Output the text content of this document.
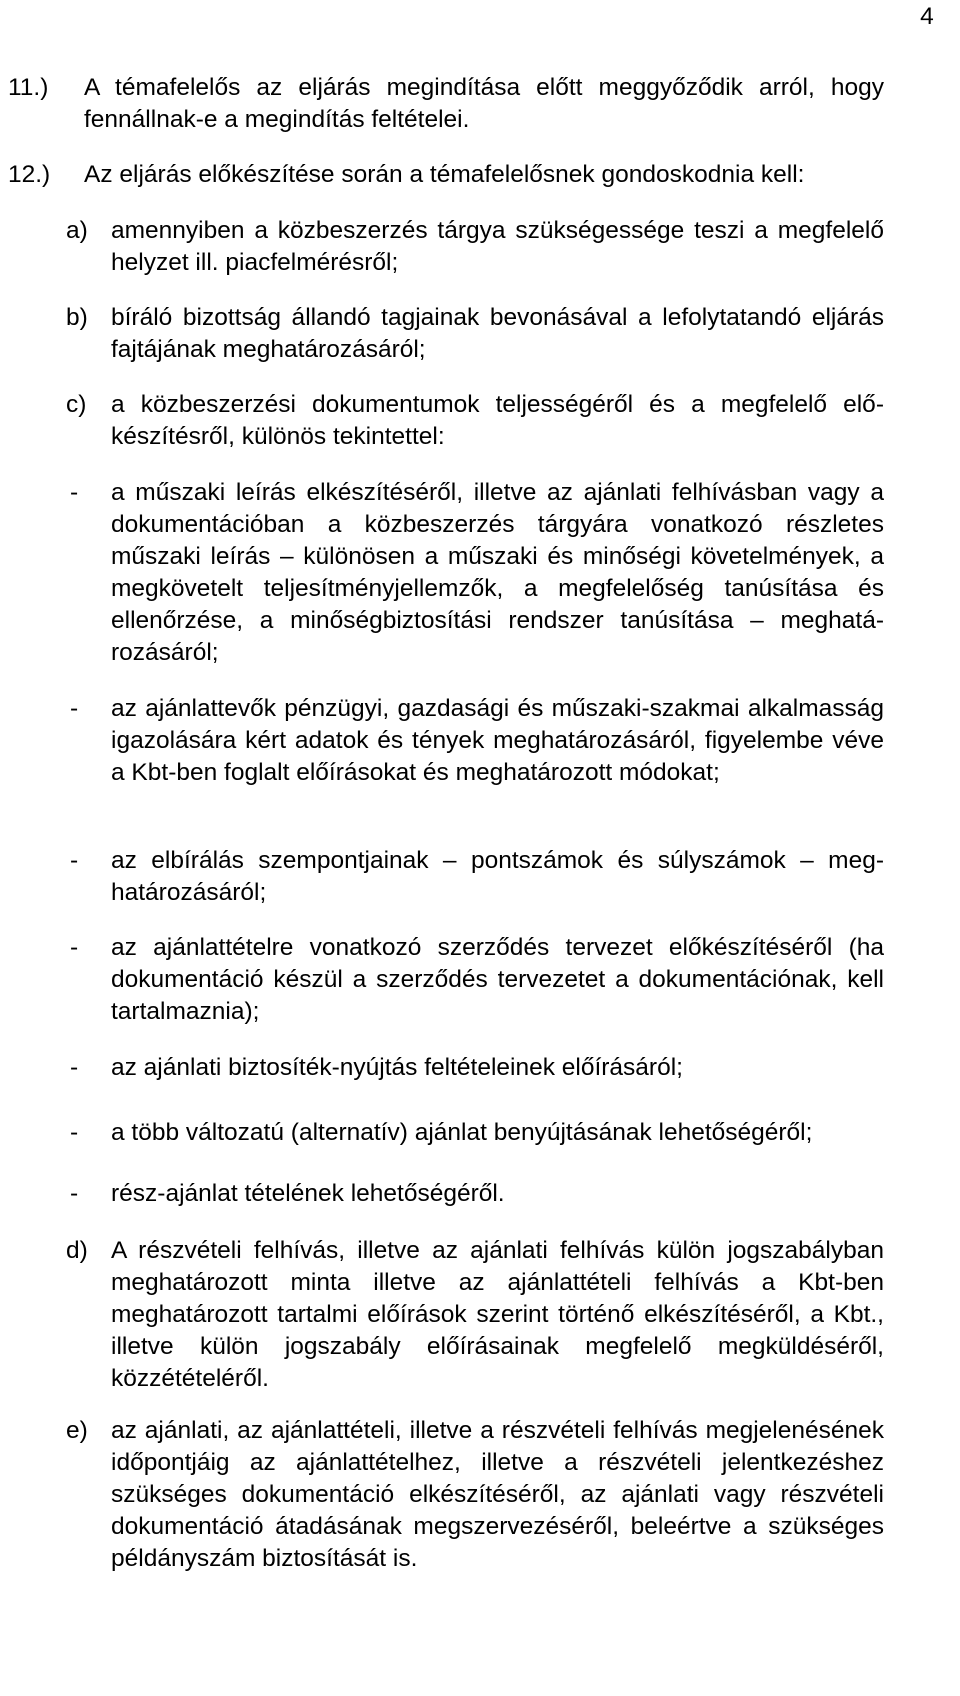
4
11.) A témafelelős az eljárás megindítása előtt meggyőződik arról, hogy fennállnak-e a megindítás feltételei.
12.) Az eljárás előkészítése során a témafelelősnek gondoskodnia kell:
a) amennyiben a közbeszerzés tárgya szükségessége teszi a megfelelő helyzet ill. piacfelmérésről;
b) bíráló bizottság állandó tagjainak bevonásával a lefolytatandó eljárás fajtájának meghatározásáról;
c) a közbeszerzési dokumentumok teljességéről és a megfelelő előkészítésről, különös tekintettel:
- a műszaki leírás elkészítéséről, illetve az ajánlati felhívásban vagy a dokumentációban a közbeszerzés tárgyára vonatkozó részletes műszaki leírás – különösen a műszaki és minőségi követelmények, a megkövetelt teljesítményjellemzők, a megfelelőség tanúsítása és ellenőrzése, a minőségbiztosítási rendszer tanúsítása – meghatározásáról;
- az ajánlattevők pénzügyi, gazdasági és műszaki-szakmai alkalmasság igazolására kért adatok és tények meghatározásáról, figyelembe véve a Kbt-ben foglalt előírásokat és meghatározott módokat;
- az elbírálás szempontjainak – pontszámok és súlyszámok – meghatározásáról;
- az ajánlattételre vonatkozó szerződés tervezet előkészítéséről (ha dokumentáció készül a szerződés tervezetet a dokumentációnak, kell tartalmaznia);
- az ajánlati biztosíték-nyújtás feltételeinek előírásáról;
- a több változatú (alternatív) ajánlat benyújtásának lehetőségéről;
- rész-ajánlat tételének lehetőségéről.
d) A részvételi felhívás, illetve az ajánlati felhívás külön jogszabályban meghatározott minta illetve az ajánlattételi felhívás a Kbt-ben meghatározott tartalmi előírások szerint történő elkészítéséről, a Kbt., illetve külön jogszabály előírásainak megfelelő megküldéséről, közzétételéről.
e) az ajánlati, az ajánlattételi, illetve a részvételi felhívás megjelenésének időpontjáig az ajánlattételhez, illetve a részvételi jelentkezéshez szükséges dokumentáció elkészítéséről, az ajánlati vagy részvételi dokumentáció átadásának megszervezéséről, beleértve a szükséges példányszám biztosítását is.
